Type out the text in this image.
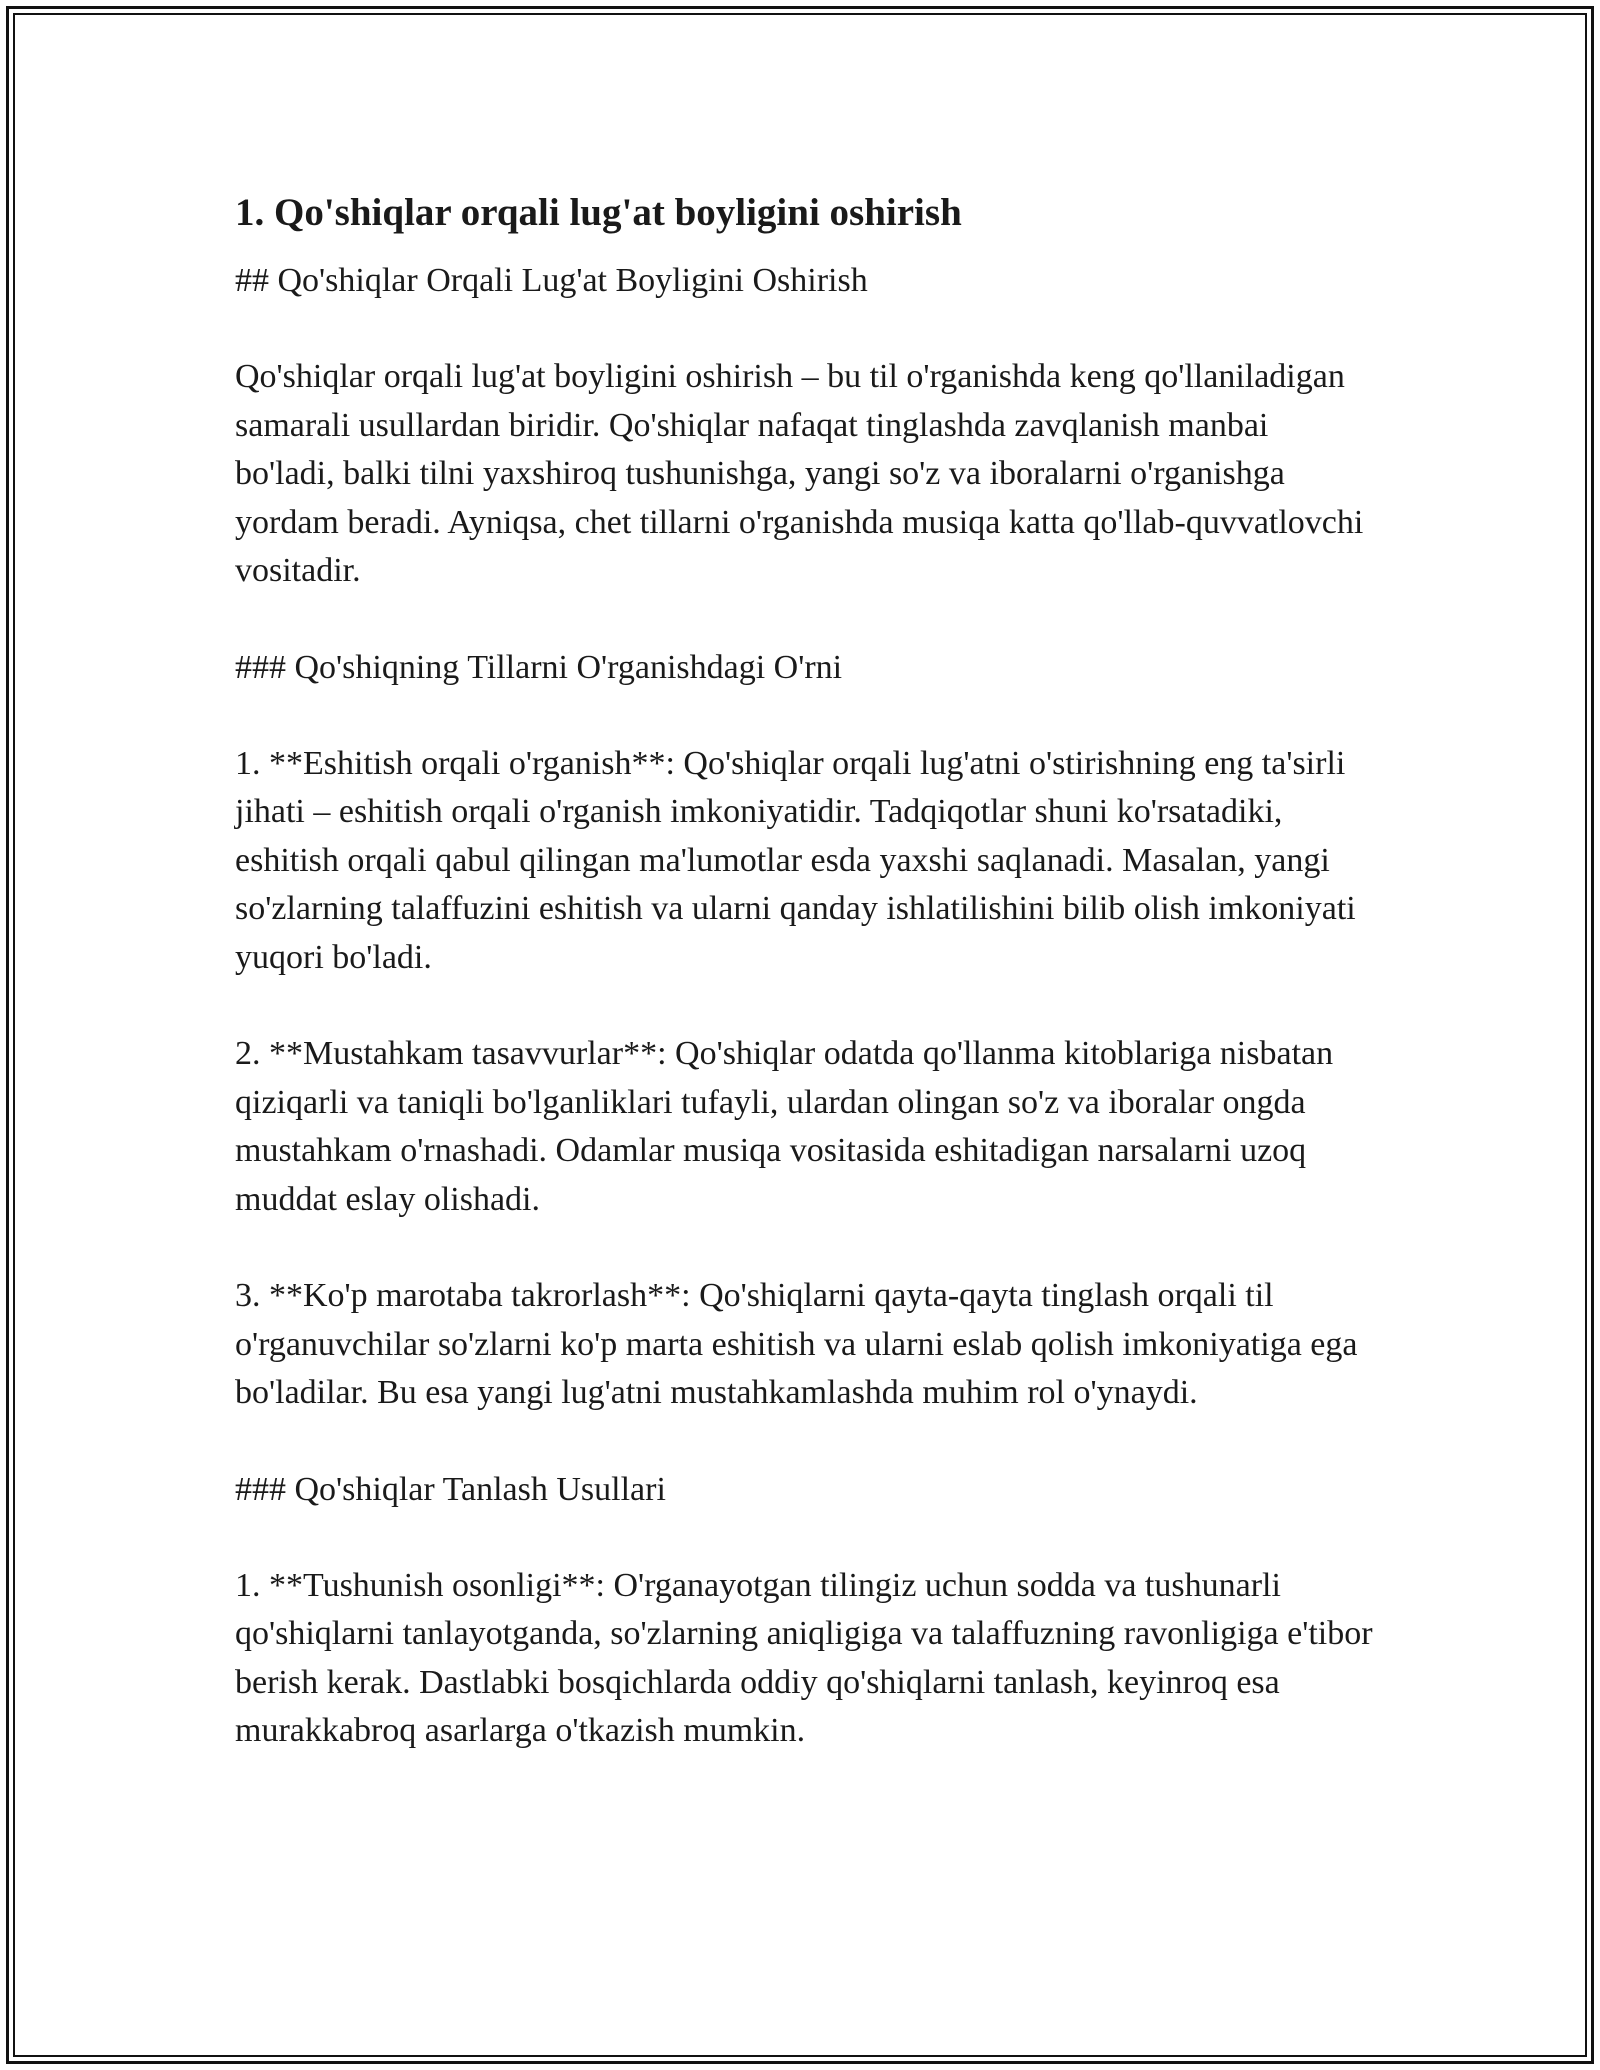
1. Qo'shiqlar orqali lug'at boyligini oshirish

## Qo'shiqlar Orqali Lug'at Boyligini Oshirish

Qo'shiqlar orqali lug'at boyligini oshirish – bu til o'rganishda keng qo'llaniladigan samarali usullardan biridir. Qo'shiqlar nafaqat tinglashda zavqlanish manbai bo'ladi, balki tilni yaxshiroq tushunishga, yangi so'z va iboralarni o'rganishga yordam beradi. Ayniqsa, chet tillarni o'rganishda musiqa katta qo'llab-quvvatlovchi vositadir.

### Qo'shiqning Tillarni O'rganishdagi O'rni

1. **Eshitish orqali o'rganish**: Qo'shiqlar orqali lug'atni o'stirishning eng ta'sirli jihati – eshitish orqali o'rganish imkoniyatidir. Tadqiqotlar shuni ko'rsatadiki, eshitish orqali qabul qilingan ma'lumotlar esda yaxshi saqlanadi. Masalan, yangi so'zlarning talaffuzini eshitish va ularni qanday ishlatilishini bilib olish imkoniyati yuqori bo'ladi.

2. **Mustahkam tasavvurlar**: Qo'shiqlar odatda qo'llanma kitoblariga nisbatan qiziqarli va taniqli bo'lganliklari tufayli, ulardan olingan so'z va iboralar ongda mustahkam o'rnashadi. Odamlar musiqa vositasida eshitadigan narsalarni uzoq muddat eslay olishadi.

3. **Ko'p marotaba takrorlash**: Qo'shiqlarni qayta-qayta tinglash orqali til o'rganuvchilar so'zlarni ko'p marta eshitish va ularni eslab qolish imkoniyatiga ega bo'ladilar. Bu esa yangi lug'atni mustahkamlashda muhim rol o'ynaydi.

### Qo'shiqlar Tanlash Usullari

1. **Tushunish osonligi**: O'rganayotgan tilingiz uchun sodda va tushunarli qo'shiqlarni tanlayotganda, so'zlarning aniqligiga va talaffuzning ravonligiga e'tibor berish kerak. Dastlabki bosqichlarda oddiy qo'shiqlarni tanlash, keyinroq esa murakkabroq asarlarga o'tkazish mumkin.
